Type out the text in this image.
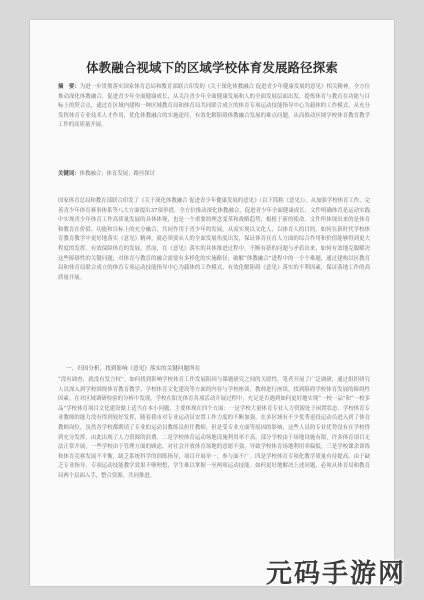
体教融合视域下的区域学校体育发展路径探索
摘　要：为进一步贯彻落实国家体育总局和教育部联合印发的《关于深化体教融合 促进青少年健康发展的意见》相关精神，全方位推动深化体教融合，促进青少年全面健康成长，从关注青少年全面健康发展和人的全面发展层面出发，提炼体育与教育在功能与目标上的契合点，通过在区域内建构一种区域教育局和体育局共同联合成立的体育专项运动技能指导中心为载体的工作模式，从充分发挥体育专业技术人才作用，优化体教融合的实施途径，有效化解阻碍体教融合发展的难点问题，从而推动区域学校体育教育教学工作的高质量开展。
关键词：体教融合；体育发展；路径探讨
国家体育总局和教育部联合印发了《关于深化体教融合 促进青少年健康发展的意见》（以下简称《意见》），从加强学校体育工作、完善青少年体育赛事体系等八大方面提出37项举措，全方位推动深化体教融合，促进青少年全面健康成长。文件明确体育是运动实践中实现青少年体育工作高质量发展的具体体现，也是一个重要的理念变革和战略趋势，根植于新的使命。文件所体现出来的是体育和教育在价值、功能和目标上的充分融合，共同作用于青少年的发展，从而实现以文化人、以体育人的目的。如何在新时代学校体育教育教学中更好地落实《意见》精神，就必须要从人的全面发展角度出发，保证体育在育人方面的综合作用和价值能够得到更大程度的发挥，有效保障体育的发展。然而，在《意见》落实的具体推进过程中，不断有新的问题与矛盾出来，如何有效地克服解决这些障碍性的关键问题，对体育与教育的融合需要有多样化的实施路径，破解“体教融合”进程中的一个个难题，通过建构以区教育局和体育局联合成立的体育专项运动技能指导中心为载体的工作模式，有效化解阻碍《意见》落实的不利因素，保证落地工作的高质量开展。
一、归因分析，找到影响《意见》落实的关键问题所在
“没有调查，就没有发言权”。如何找到影响学校体育工作发展阻因与课题研究之间的关联性，笔者开展了广泛调研，通过组织研究人员深入到学校围绕体育教育教学、学校体育文化建设等方面的内容与学校座谈，教师进行座谈，找到阻碍学校体育发展的障碍性因素。在对区域调研检验的分析中发现，学校在阳光体育各项活动开展过程中，充足是否遇到如何更好地实现“一校一品”和“一校多品”学校体育项目文化建设做上适当在本小问题，主要体现在四个方面：一是学校大量体育专业人力资源处于闲置状态。学校体育专业教师的能力没有得到较好发挥，随着我市对专业运动员安置工作力度的不断加强，在多区域有不少优秀退役运动员进入到了体育教师岗位，虽然各学校都聘请了专业的运动员教练员担任教师，但是受专业方面等原因的影响，这些人员的专业优势没有在学校得到充分发挥，由此出现了人力资源的浪费。二是学校体育运动场地设施利用率不高。部分学校由于场地设施有限，许多体育项目无法正常开展，一些学校由于管理方面的顾虑，对社会开放体育场地的意愿不强，导致学校体育场地利用率偏低。三是学校课余训练和体育竞赛发展不平衡，缺乏系统科学的训练指导，项目开展单一，参与面不广。四是学校体育专项化教学质量有待提高。由于缺乏专业指导，专项运动技能教学效果不够理想，学生难以掌握一至两项运动技能。如何更好地解决上述问题，必须从体育局和教育局两个层面入手，整合资源，共同推进。
元码手游网
